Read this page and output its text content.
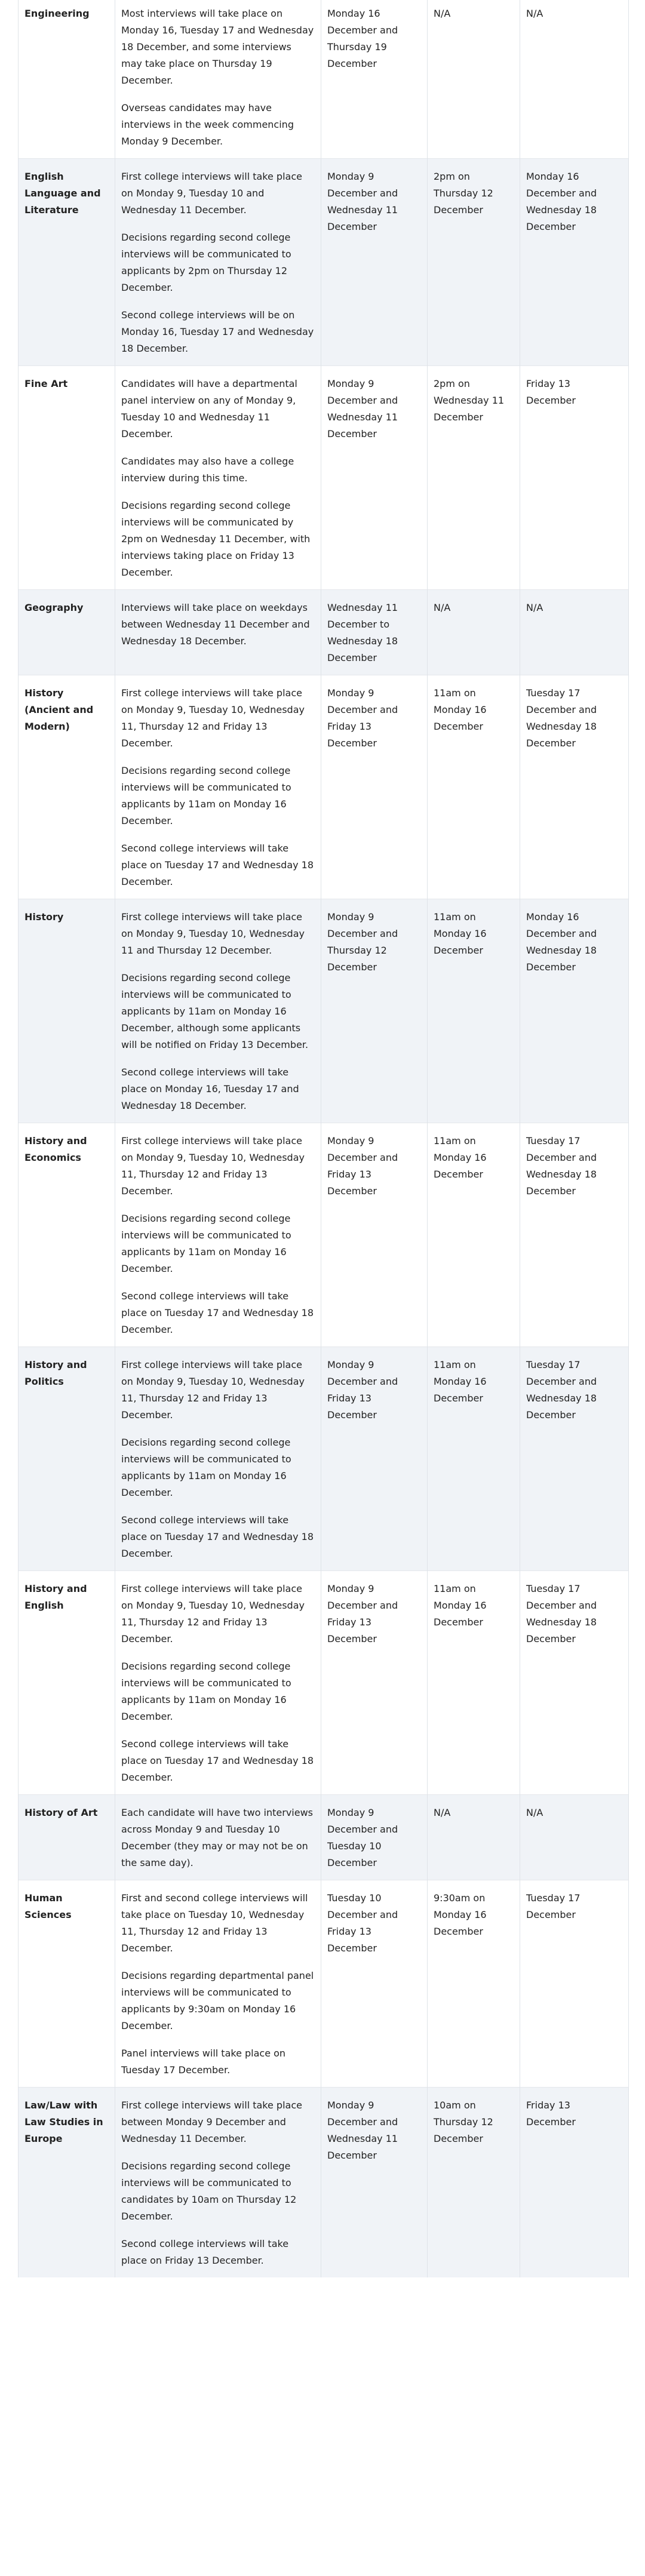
Engineering	Most interviews will take place on Monday 16, Tuesday 17 and Wednesday 18 December, and some interviews may take place on Thursday 19 December.

Overseas candidates may have interviews in the week commencing Monday 9 December.	Monday 16 December and Thursday 19 December	N/A	N/A
English Language and Literature	First college interviews will take place on Monday 9, Tuesday 10 and Wednesday 11 December.

Decisions regarding second college interviews will be communicated to applicants by 2pm on Thursday 12 December.

Second college interviews will be on Monday 16, Tuesday 17 and Wednesday 18 December.	Monday 9 December and Wednesday 11 December	2pm on Thursday 12 December	Monday 16 December and Wednesday 18 December
Fine Art	Candidates will have a departmental panel interview on any of Monday 9, Tuesday 10 and Wednesday 11 December.

Candidates may also have a college interview during this time.

Decisions regarding second college interviews will be communicated by 2pm on Wednesday 11 December, with interviews taking place on Friday 13 December.	Monday 9 December and Wednesday 11 December	2pm on Wednesday 11 December	Friday 13 December
Geography	Interviews will take place on weekdays between Wednesday 11 December and Wednesday 18 December.	Wednesday 11 December to Wednesday 18 December	N/A	N/A
History (Ancient and Modern)	First college interviews will take place on Monday 9, Tuesday 10, Wednesday 11, Thursday 12 and Friday 13 December.

Decisions regarding second college interviews will be communicated to applicants by 11am on Monday 16 December.

Second college interviews will take place on Tuesday 17 and Wednesday 18 December.	Monday 9 December and Friday 13 December	11am on Monday 16 December	Tuesday 17 December and Wednesday 18 December
History	First college interviews will take place on Monday 9, Tuesday 10, Wednesday 11 and Thursday 12 December.

Decisions regarding second college interviews will be communicated to applicants by 11am on Monday 16 December, although some applicants will be notified on Friday 13 December.

Second college interviews will take place on Monday 16, Tuesday 17 and Wednesday 18 December.	Monday 9 December and Thursday 12 December	11am on Monday 16 December	Monday 16 December and Wednesday 18 December
History and Economics	First college interviews will take place on Monday 9, Tuesday 10, Wednesday 11, Thursday 12 and Friday 13 December.

Decisions regarding second college interviews will be communicated to applicants by 11am on Monday 16 December.

Second college interviews will take place on Tuesday 17 and Wednesday 18 December.	Monday 9 December and Friday 13 December	11am on Monday 16 December	Tuesday 17 December and Wednesday 18 December
History and Politics	First college interviews will take place on Monday 9, Tuesday 10, Wednesday 11, Thursday 12 and Friday 13 December.

Decisions regarding second college interviews will be communicated to applicants by 11am on Monday 16 December.

Second college interviews will take place on Tuesday 17 and Wednesday 18 December.	Monday 9 December and Friday 13 December	11am on Monday 16 December	Tuesday 17 December and Wednesday 18 December
History and English	First college interviews will take place on Monday 9, Tuesday 10, Wednesday 11, Thursday 12 and Friday 13 December.

Decisions regarding second college interviews will be communicated to applicants by 11am on Monday 16 December.

Second college interviews will take place on Tuesday 17 and Wednesday 18 December.	Monday 9 December and Friday 13 December	11am on Monday 16 December	Tuesday 17 December and Wednesday 18 December
History of Art	Each candidate will have two interviews across Monday 9 and Tuesday 10 December (they may or may not be on the same day).	Monday 9 December and Tuesday 10 December	N/A	N/A
Human Sciences	First and second college interviews will take place on Tuesday 10, Wednesday 11, Thursday 12 and Friday 13 December.

Decisions regarding departmental panel interviews will be communicated to applicants by 9:30am on Monday 16 December.

Panel interviews will take place on Tuesday 17 December.	Tuesday 10 December and Friday 13 December	9:30am on Monday 16 December	Tuesday 17 December
Law/Law with Law Studies in Europe	First college interviews will take place between Monday 9 December and Wednesday 11 December.

Decisions regarding second college interviews will be communicated to candidates by 10am on Thursday 12 December.

Second college interviews will take place on Friday 13 December.	Monday 9 December and Wednesday 11 December	10am on Thursday 12 December	Friday 13 December
